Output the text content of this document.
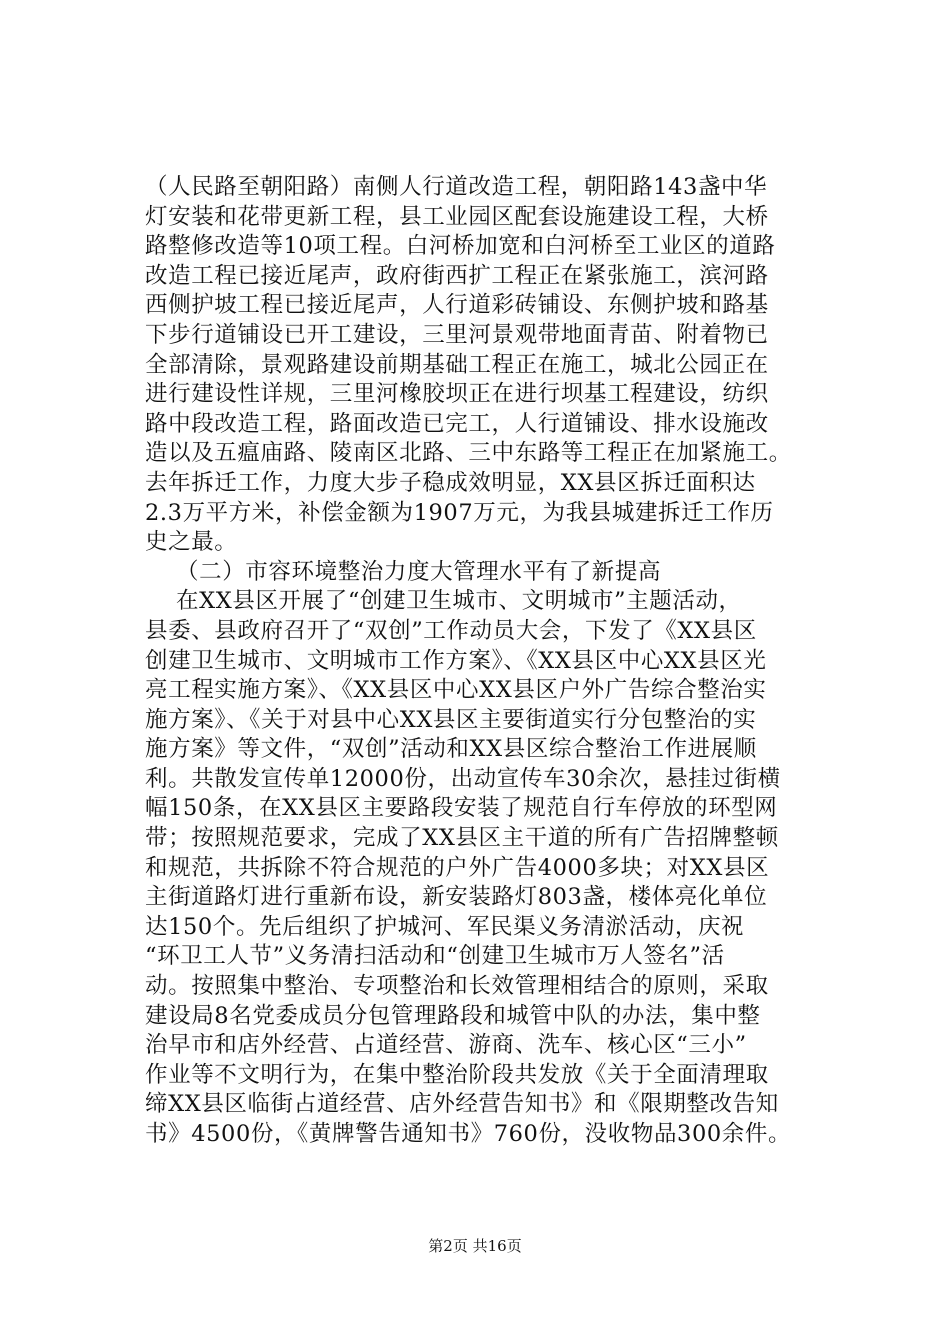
（人民路至朝阳路）南侧人行道改造工程，朝阳路143盏中华
灯安装和花带更新工程，县工业园区配套设施建设工程，大桥
路整修改造等10项工程。白河桥加宽和白河桥至工业区的道路
改造工程已接近尾声，政府街西扩工程正在紧张施工，滨河路
西侧护坡工程已接近尾声，人行道彩砖铺设、东侧护坡和路基
下步行道铺设已开工建设，三里河景观带地面青苗、附着物已
全部清除，景观路建设前期基础工程正在施工，城北公园正在
进行建设性详规，三里河橡胶坝正在进行坝基工程建设，纺织
路中段改造工程，路面改造已完工，人行道铺设、排水设施改
造以及五瘟庙路、陵南区北路、三中东路等工程正在加紧施工。
去年拆迁工作，力度大步子稳成效明显，XX县区拆迁面积达
2.3万平方米，补偿金额为1907万元，为我县城建拆迁工作历
史之最。
（二）市容环境整治力度大管理水平有了新提高
在XX县区开展了“创建卫生城市、文明城市”主题活动，
县委、县政府召开了“双创”工作动员大会，下发了《XX县区
创建卫生城市、文明城市工作方案》、《XX县区中心XX县区光
亮工程实施方案》、《XX县区中心XX县区户外广告综合整治实
施方案》、《关于对县中心XX县区主要街道实行分包整治的实
施方案》等文件，“双创”活动和XX县区综合整治工作进展顺
利。共散发宣传单12000份，出动宣传车30余次，悬挂过街横
幅150条，在XX县区主要路段安装了规范自行车停放的环型网
带；按照规范要求，完成了XX县区主干道的所有广告招牌整顿
和规范，共拆除不符合规范的户外广告4000多块；对XX县区
主街道路灯进行重新布设，新安装路灯803盏，楼体亮化单位
达150个。先后组织了护城河、军民渠义务清淤活动，庆祝
“环卫工人节”义务清扫活动和“创建卫生城市万人签名”活
动。按照集中整治、专项整治和长效管理相结合的原则，采取
建设局8名党委成员分包管理路段和城管中队的办法，集中整
治早市和店外经营、占道经营、游商、洗车、核心区“三小”
作业等不文明行为，在集中整治阶段共发放《关于全面清理取
缔XX县区临街占道经营、店外经营告知书》和《限期整改告知
书》4500份，《黄牌警告通知书》760份，没收物品300余件。
第2页 共16页
